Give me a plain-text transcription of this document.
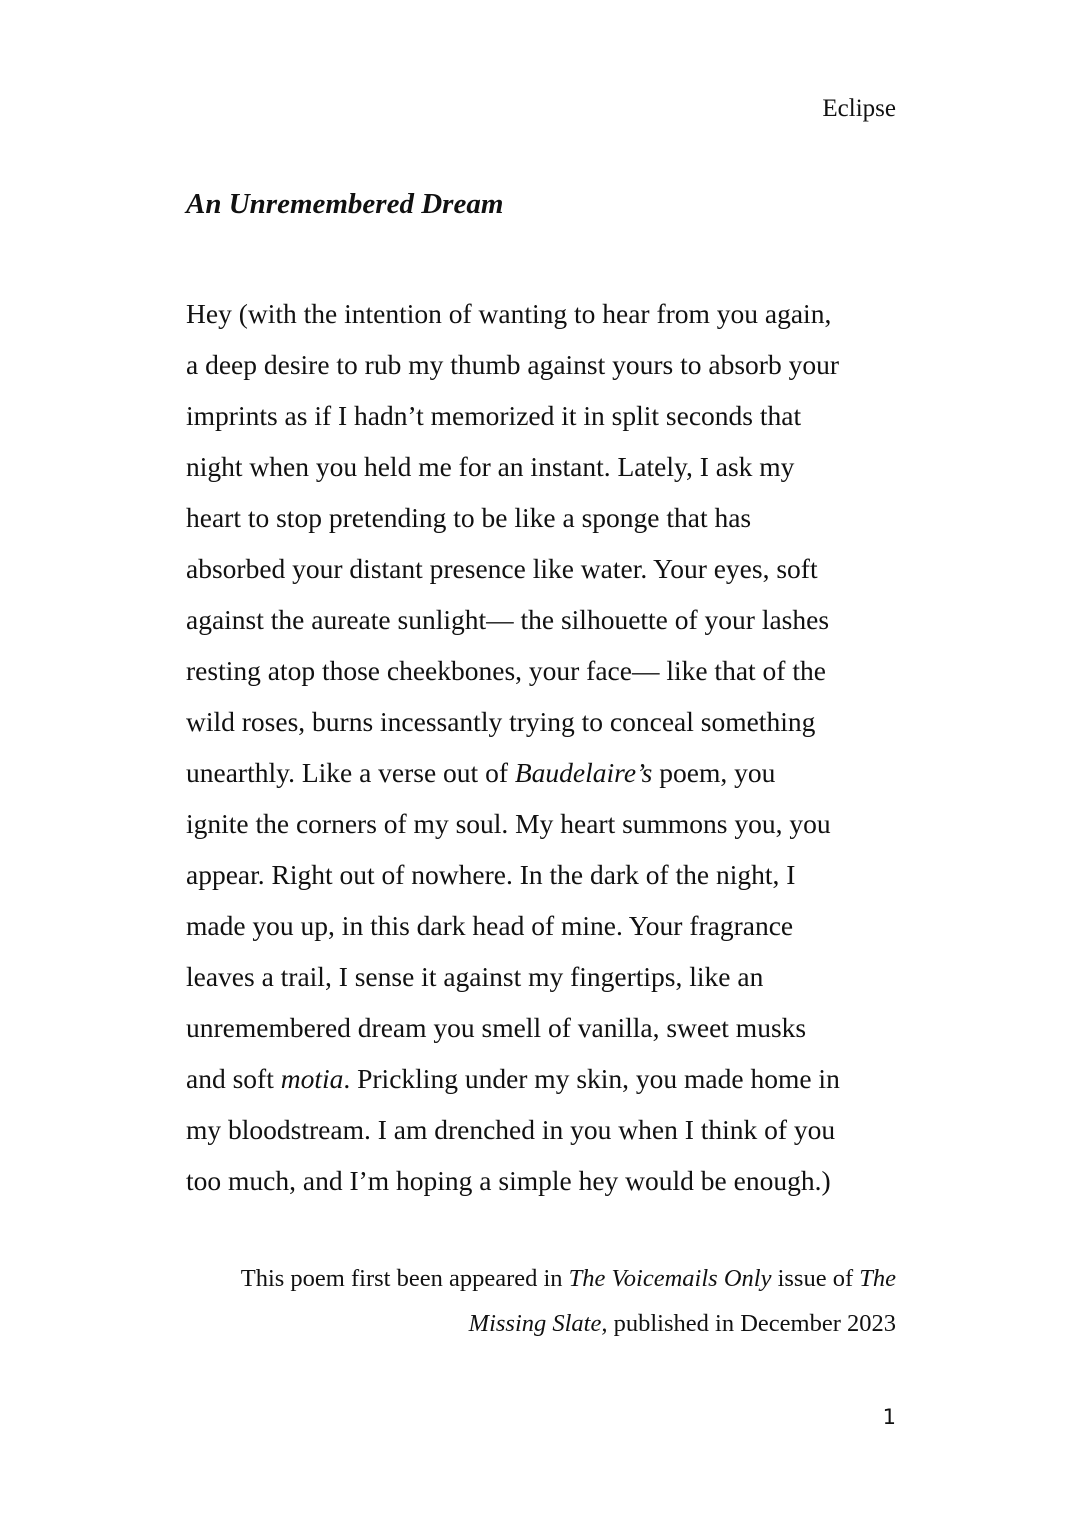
Eclipse

An Unremembered Dream
Hey (with the intention of wanting to hear from you again,
a deep desire to rub my thumb against yours to absorb your
imprints as if I hadn’t memorized it in split seconds that
night when you held me for an instant. Lately, I ask my
heart to stop pretending to be like a sponge that has
absorbed your distant presence like water. Your eyes, soft
against the aureate sunlight— the silhouette of your lashes
resting atop those cheekbones, your face— like that of the
wild roses, burns incessantly trying to conceal something
unearthly. Like a verse out of Baudelaire’s poem, you
ignite the corners of my soul. My heart summons you, you
appear. Right out of nowhere. In the dark of the night, I
made you up, in this dark head of mine. Your fragrance
leaves a trail, I sense it against my fingertips, like an
unremembered dream you smell of vanilla, sweet musks
and soft motia. Prickling under my skin, you made home in
my bloodstream. I am drenched in you when I think of you
too much, and I’m hoping a simple hey would be enough.)
This poem first been appeared in The Voicemails Only issue of The
Missing Slate, published in December 2023

1
